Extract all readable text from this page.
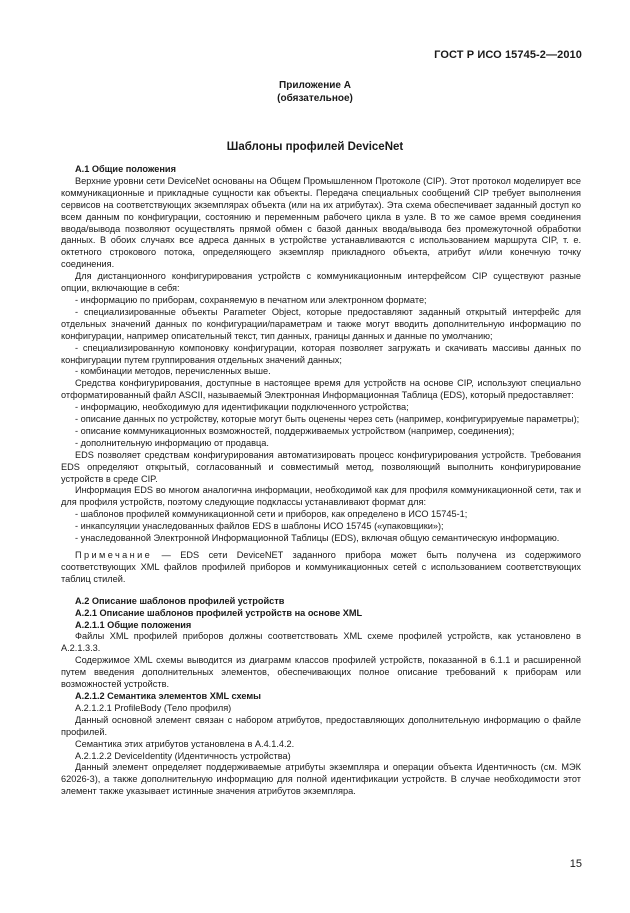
ГОСТ Р ИСО 15745-2—2010
Приложение А
(обязательное)
Шаблоны профилей DeviceNet

А.1 Общие положения

Верхние уровни сети DeviceNet основаны на Общем Промышленном Протоколе (CIP). Этот протокол моделирует все коммуникационные и прикладные сущности как объекты. Передача специальных сообщений CIP требует выполнения сервисов на соответствующих экземплярах объекта (или на их атрибутах). Эта схема обеспечивает заданный доступ ко всем данным по конфигурации, состоянию и переменным рабочего цикла в узле. В то же самое время соединения ввода/вывода позволяют осуществлять прямой обмен с базой данных ввода/вывода без промежуточной обработки данных. В обоих случаях все адреса данных в устройстве устанавливаются с использованием маршрута CIP, т. е. октетного строкового потока, определяющего экземпляр прикладного объекта, атрибут и/или конечную точку соединения.

Для дистанционного конфигурирования устройств с коммуникационным интерфейсом CIP существуют разные опции, включающие в себя:

- информацию по приборам, сохраняемую в печатном или электронном формате;

- специализированные объекты Parameter Object, которые предоставляют заданный открытый интерфейс для отдельных значений данных по конфигурации/параметрам и также могут вводить дополнительную информацию по конфигурации, например описательный текст, тип данных, границы данных и данные по умолчанию;

- специализированную компоновку конфигурации, которая позволяет загружать и скачивать массивы данных по конфигурации путем группирования отдельных значений данных;

- комбинации методов, перечисленных выше.

Средства конфигурирования, доступные в настоящее время для устройств на основе CIP, используют специально отформатированный файл ASCII, называемый Электронная Информационная Таблица (EDS), который предоставляет:

- информацию, необходимую для идентификации подключенного устройства;

- описание данных по устройству, которые могут быть оценены через сеть (например, конфигурируемые параметры);

- описание коммуникационных возможностей, поддерживаемых устройством (например, соединения);

- дополнительную информацию от продавца.

EDS позволяет средствам конфигурирования автоматизировать процесс конфигурирования устройств. Требования EDS определяют открытый, согласованный и совместимый метод, позволяющий выполнить конфигурирование устройств в среде CIP.

Информация EDS во многом аналогична информации, необходимой как для профиля коммуникационной сети, так и для профиля устройств, поэтому следующие подклассы устанавливают формат для:

- шаблонов профилей коммуникационной сети и приборов, как определено в ИСО 15745-1;

- инкапсуляции унаследованных файлов EDS в шаблоны ИСО 15745 («упаковщики»);

- унаследованной Электронной Информационной Таблицы (EDS), включая общую семантическую информацию.

Примечание — EDS сети DeviceNET заданного прибора может быть получена из содержимого соответствующих XML файлов профилей приборов и коммуникационных сетей с использованием соответствующих таблиц стилей.

А.2 Описание шаблонов профилей устройств

А.2.1 Описание шаблонов профилей устройств на основе XML

А.2.1.1 Общие положения

Файлы XML профилей приборов должны соответствовать XML схеме профилей устройств, как установлено в А.2.1.3.3.

Содержимое XML схемы выводится из диаграмм классов профилей устройств, показанной в 6.1.1 и расширенной путем введения дополнительных элементов, обеспечивающих полное описание требований к приборам или возможностей устройств.

А.2.1.2 Семантика элементов XML схемы

А.2.1.2.1 ProfileBody (Тело профиля)

Данный основной элемент связан с набором атрибутов, предоставляющих дополнительную информацию о файле профилей.

Семантика этих атрибутов установлена в А.4.1.4.2.

А.2.1.2.2 DeviceIdentity (Идентичность устройства)

Данный элемент определяет поддерживаемые атрибуты экземпляра и операции объекта Идентичность (см. МЭК 62026-3), а также дополнительную информацию для полной идентификации устройств. В случае необходимости этот элемент также указывает истинные значения атрибутов экземпляра.

15
